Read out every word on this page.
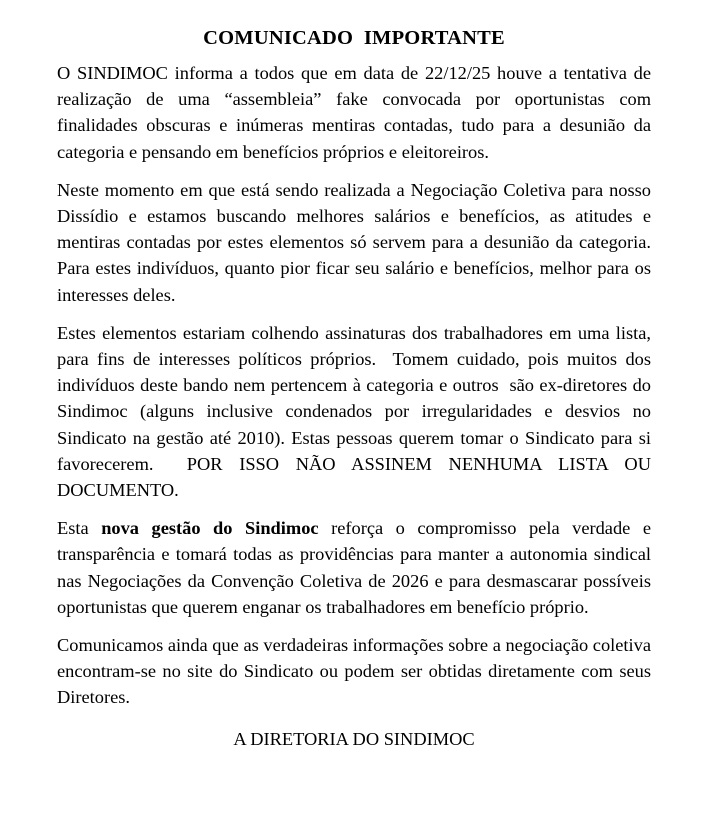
COMUNICADO  IMPORTANTE

O SINDIMOC informa a todos que em data de 22/12/25 houve a tentativa de realização de uma “assembleia” fake convocada por oportunistas com finalidades obscuras e inúmeras mentiras contadas, tudo para a desunião da categoria e pensando em benefícios próprios e eleitoreiros.

Neste momento em que está sendo realizada a Negociação Coletiva para nosso Dissídio e estamos buscando melhores salários e benefícios, as atitudes e mentiras contadas por estes elementos só servem para a desunião da categoria. Para estes indivíduos, quanto pior ficar seu salário e benefícios, melhor para os interesses deles.

Estes elementos estariam colhendo assinaturas dos trabalhadores em uma lista, para fins de interesses políticos próprios.  Tomem cuidado, pois muitos dos indivíduos deste bando nem pertencem à categoria e outros  são ex-diretores do Sindimoc (alguns inclusive condenados por irregularidades e desvios no Sindicato na gestão até 2010). Estas pessoas querem tomar o Sindicato para si favorecerem.  POR ISSO NÃO ASSINEM NENHUMA LISTA OU DOCUMENTO.

Esta nova gestão do Sindimoc reforça o compromisso pela verdade e transparência e tomará todas as providências para manter a autonomia sindical nas Negociações da Convenção Coletiva de 2026 e para desmascarar possíveis oportunistas que querem enganar os trabalhadores em benefício próprio.

Comunicamos ainda que as verdadeiras informações sobre a negociação coletiva encontram-se no site do Sindicato ou podem ser obtidas diretamente com seus Diretores.

A DIRETORIA DO SINDIMOC
